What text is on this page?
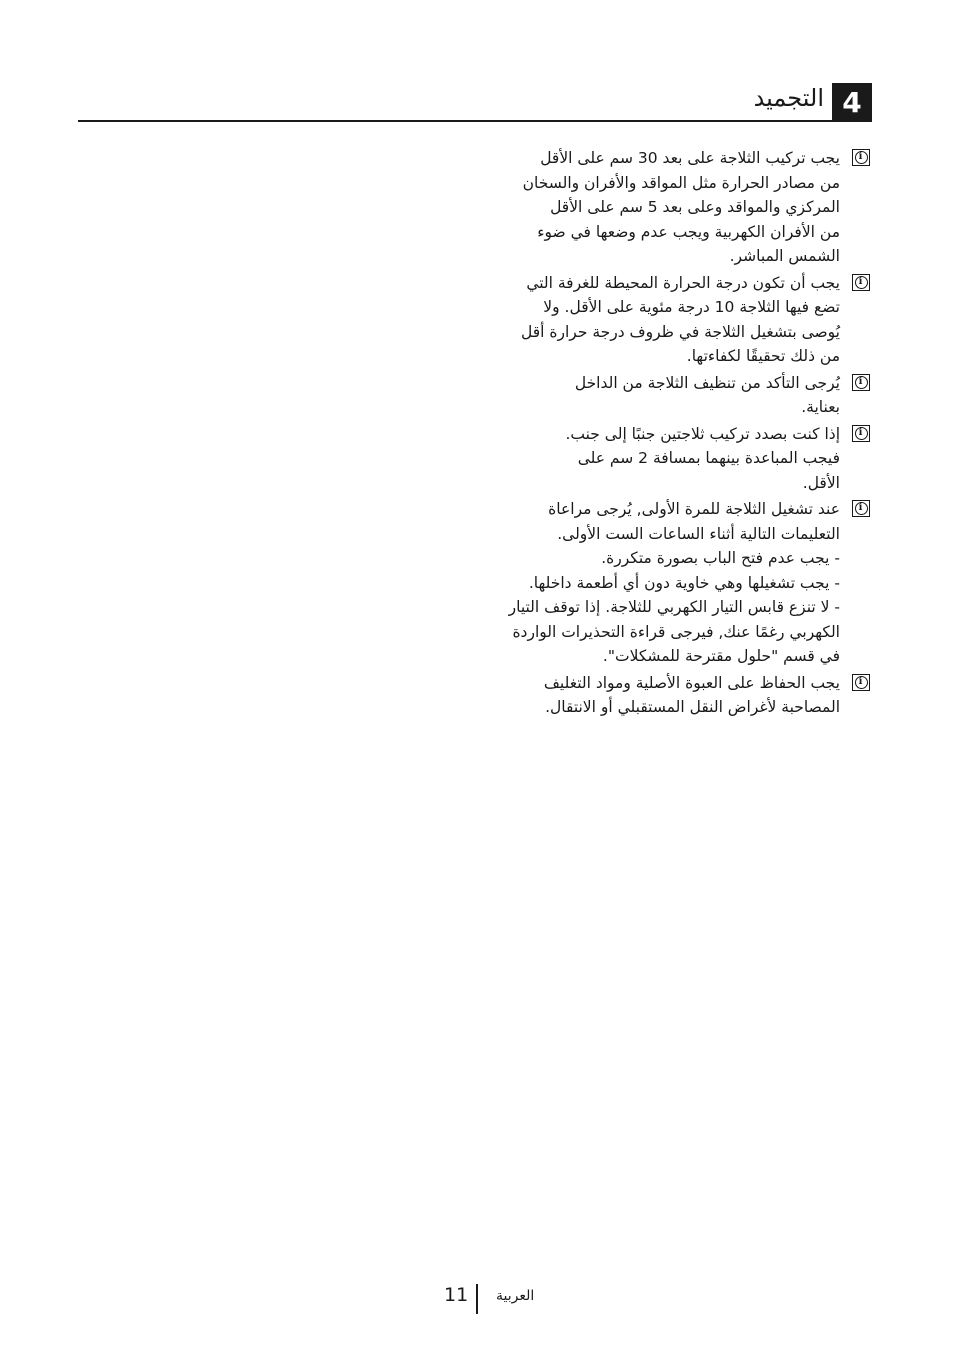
4
التجميد
i
يجب تركيب الثلاجة على بعد 30 سم على الأقل
من مصادر الحرارة مثل المواقد والأفران والسخان
المركزي والمواقد وعلى بعد 5 سم على الأقل
من الأفران الكهربية ويجب عدم وضعها في ضوء
الشمس المباشر.
i
يجب أن تكون درجة الحرارة المحيطة للغرفة التي
تضع فيها الثلاجة 10 درجة مئوية على الأقل. ولا
يُوصى بتشغيل الثلاجة في ظروف درجة حرارة أقل
من ذلك تحقيقًا لكفاءتها.
i
يُرجى التأكد من تنظيف الثلاجة من الداخل
بعناية.
i
إذا كنت بصدد تركيب ثلاجتين جنبًا إلى جنب.
فيجب المباعدة بينهما بمسافة 2 سم على
الأقل.
i
عند تشغيل الثلاجة للمرة الأولى, يُرجى مراعاة
التعليمات التالية أثناء الساعات الست الأولى.
- يجب عدم فتح الباب بصورة متكررة.
- يجب تشغيلها وهي خاوية دون أي أطعمة داخلها.
- لا تنزع قابس التيار الكهربي للثلاجة. إذا توقف التيار
الكهربي رغمًا عنك, فيرجى قراءة التحذيرات الواردة
في قسم "حلول مقترحة للمشكلات".
i
يجب الحفاظ على العبوة الأصلية ومواد التغليف
المصاحبة لأغراض النقل المستقبلي أو الانتقال.
11 العربية
